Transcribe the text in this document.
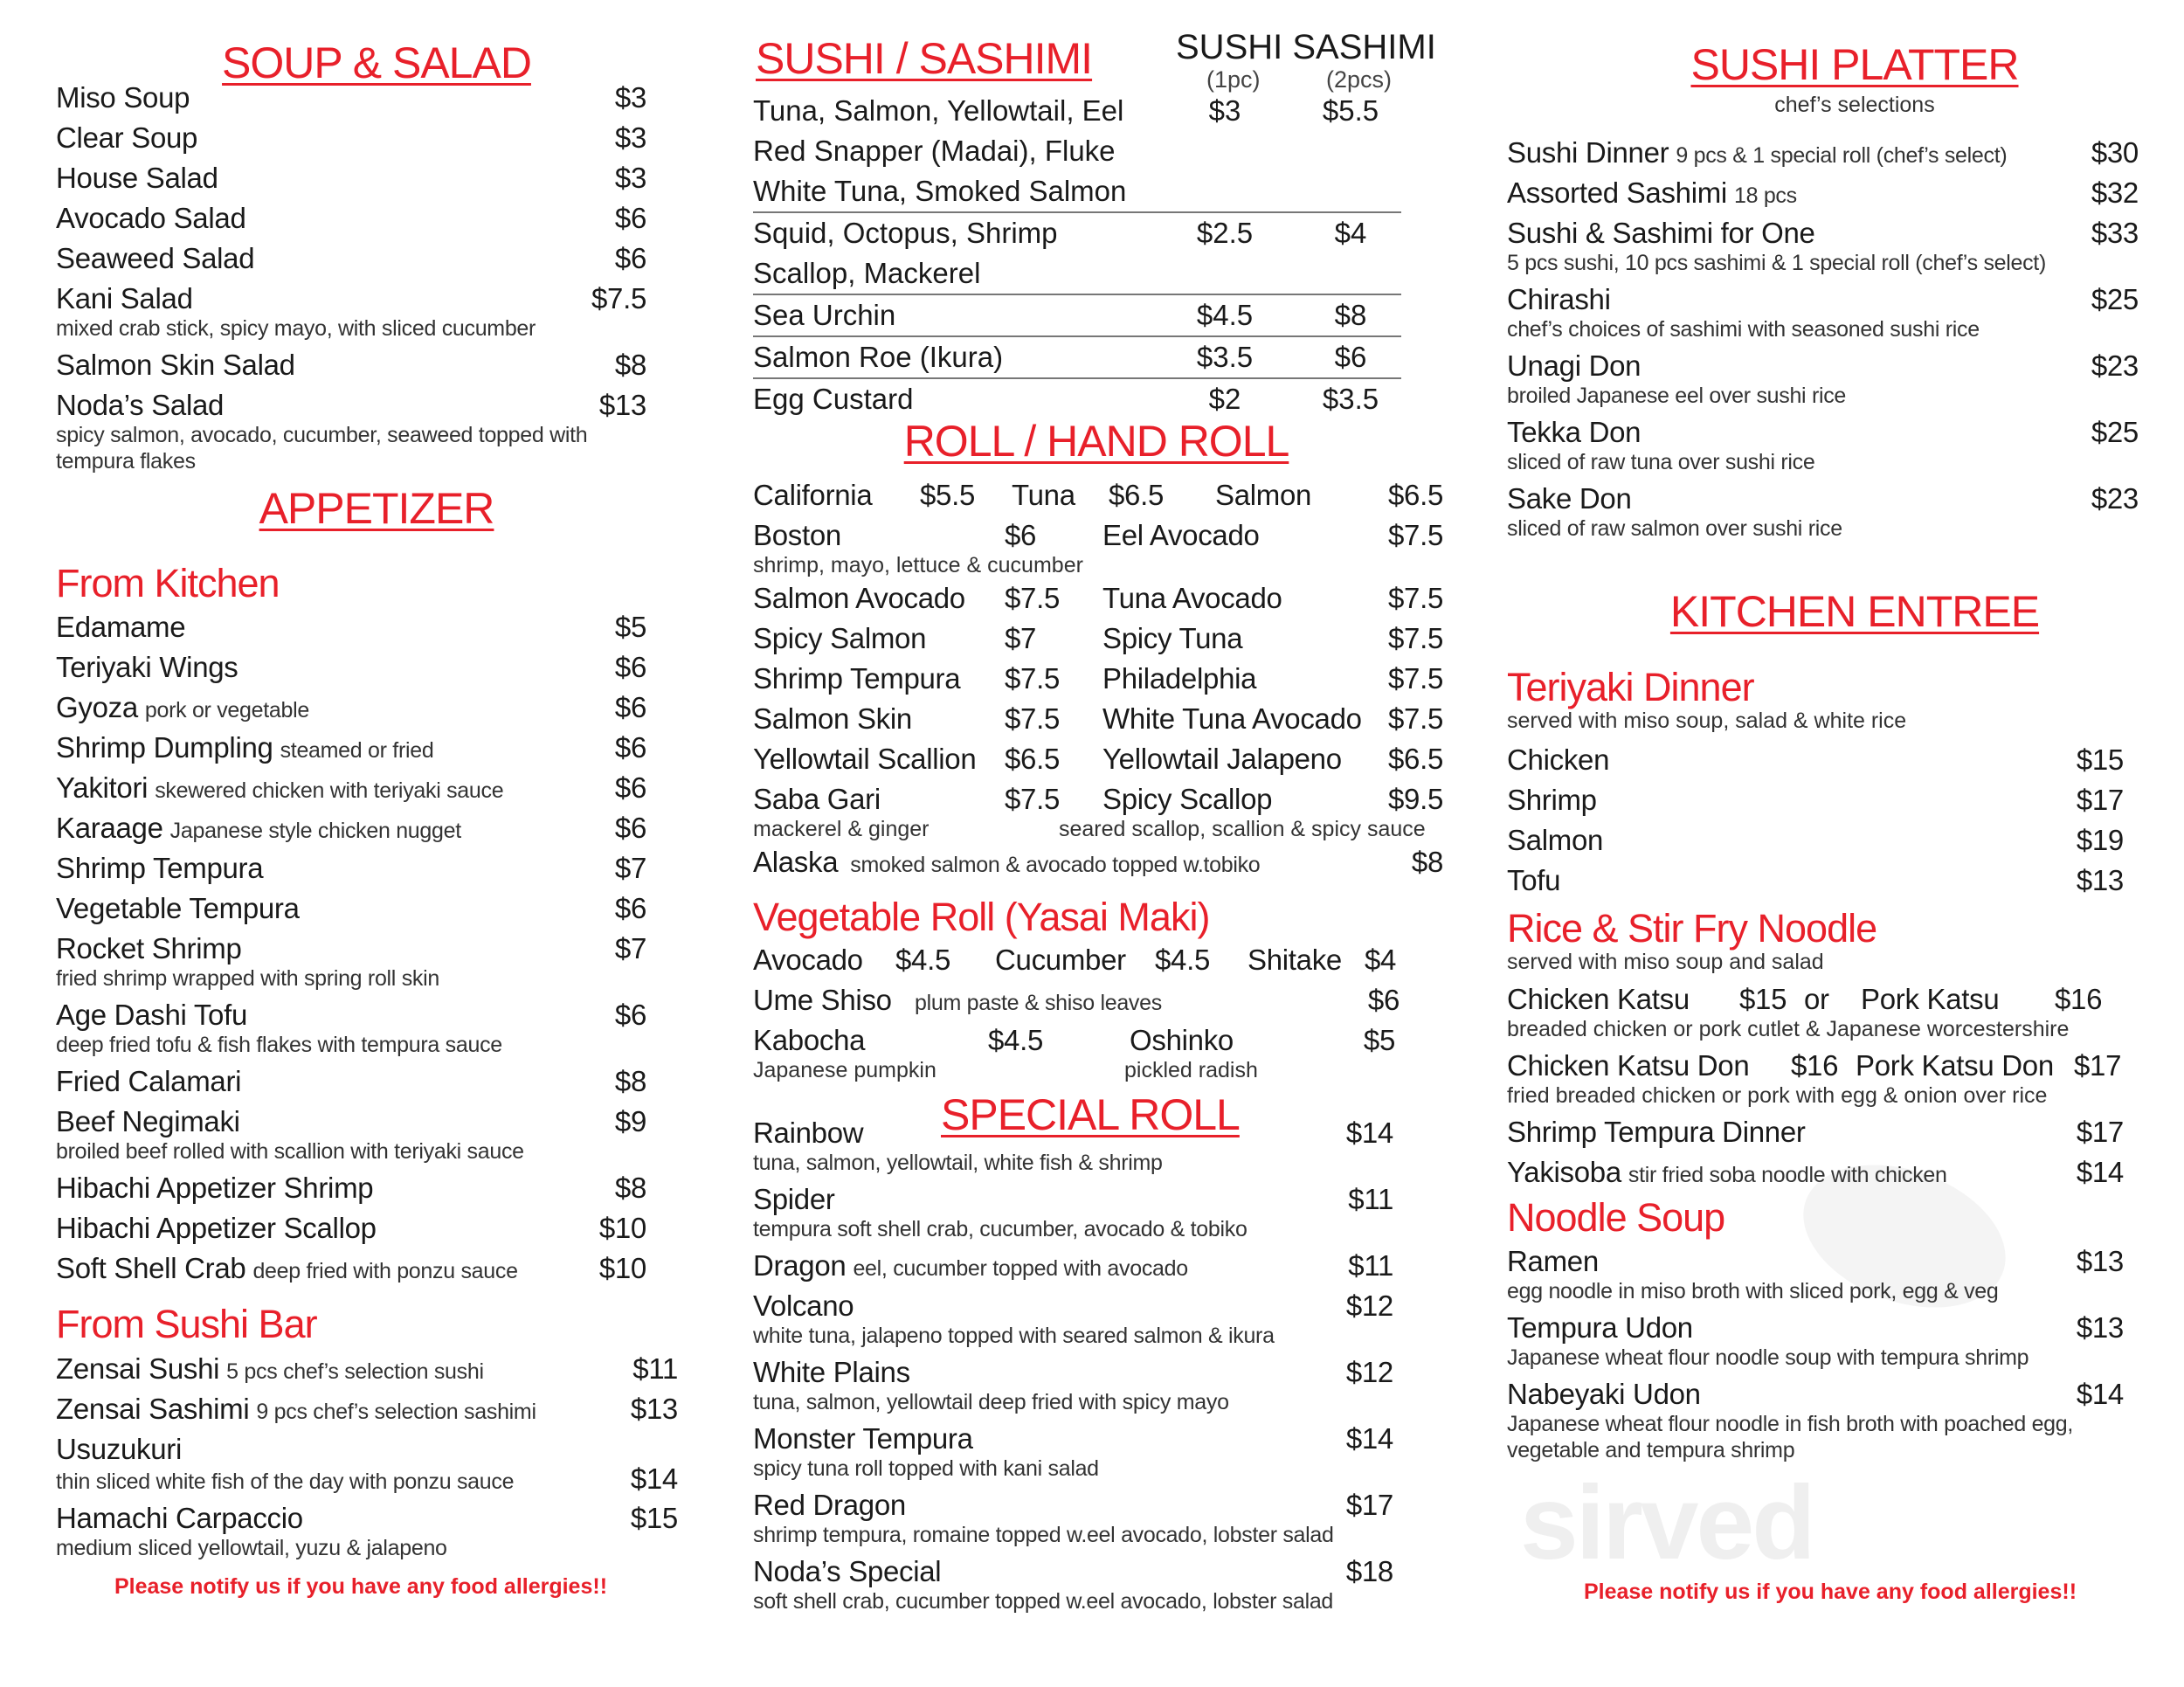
sirved
SOUP & SALAD
Miso Soup	$3
Clear Soup	$3
House Salad	$3
Avocado Salad	$6
Seaweed Salad	$6
Kani Salad	$7.5
mixed crab stick, spicy mayo, with sliced cucumber
Salmon Skin Salad	$8
Noda’s Salad	$13
spicy salmon, avocado, cucumber, seaweed topped with tempura flakes
APPETIZER
From Kitchen
Edamame	$5
Teriyaki Wings	$6
Gyoza pork or vegetable	$6
Shrimp Dumpling steamed or fried	$6
Yakitori skewered chicken with teriyaki sauce	$6
Karaage Japanese style chicken nugget	$6
Shrimp Tempura	$7
Vegetable Tempura	$6
Rocket Shrimp	$7
fried shrimp wrapped with spring roll skin
Age Dashi Tofu	$6
deep fried tofu & fish flakes with tempura sauce
Fried Calamari	$8
Beef Negimaki	$9
broiled beef rolled with scallion with teriyaki sauce
Hibachi Appetizer Shrimp	$8
Hibachi Appetizer Scallop	$10
Soft Shell Crab deep fried with ponzu sauce	$10
From Sushi Bar
Zensai Sushi 5 pcs chef’s selection sushi	$11
Zensai Sashimi 9 pcs chef’s selection sashimi	$13
Usuzukuri
thin sliced white fish of the day with ponzu sauce	$14
Hamachi Carpaccio	$15
medium sliced yellowtail, yuzu & jalapeno
Please notify us if you have any food allergies!!
SUSHI / SASHIMI SUSHI SASHIMI
(1pc)	(2pcs)
Tuna, Salmon, Yellowtail, Eel	$3	$5.5
Red Snapper (Madai), Fluke
White Tuna, Smoked Salmon
Squid, Octopus, Shrimp	$2.5	$4
Scallop, Mackerel
Sea Urchin	$4.5	$8
Salmon Roe (Ikura)	$3.5	$6
Egg Custard	$2	$3.5
ROLL / HAND ROLL
California	$5.5	Tuna	$6.5	Salmon	$6.5
Boston	$6	Eel Avocado	$7.5
shrimp, mayo, lettuce & cucumber
Salmon Avocado	$7.5	Tuna Avocado	$7.5
Spicy Salmon	$7	Spicy Tuna	$7.5
Shrimp Tempura	$7.5	Philadelphia	$7.5
Salmon Skin	$7.5	White Tuna Avocado $7.5
Yellowtail Scallion $6.5	Yellowtail Jalapeno	$6.5
Saba Gari	$7.5	Spicy Scallop	$9.5
mackerel & ginger	seared scallop, scallion & spicy sauce
Alaska smoked salmon & avocado topped w.tobiko	$8
Vegetable Roll (Yasai Maki)
Avocado	$4.5	Cucumber	$4.5	Shitake $4
Ume Shiso	plum paste & shiso leaves	$6
Kabocha	$4.5	Oshinko	$5
Japanese pumpkin	pickled radish
SPECIAL ROLL
Rainbow	$14
tuna, salmon, yellowtail, white fish & shrimp
Spider	$11
tempura soft shell crab, cucumber, avocado & tobiko
Dragon eel, cucumber topped with avocado	$11
Volcano	$12
white tuna, jalapeno topped with seared salmon & ikura
White Plains	$12
tuna, salmon, yellowtail deep fried with spicy mayo
Monster Tempura	$14
spicy tuna roll topped with kani salad
Red Dragon	$17
shrimp tempura, romaine topped w.eel avocado, lobster salad
Noda’s Special	$18
soft shell crab, cucumber topped w.eel avocado, lobster salad
SUSHI PLATTER
chef’s selections
Sushi Dinner 9 pcs & 1 special roll (chef’s select)	$30
Assorted Sashimi 18 pcs	$32
Sushi & Sashimi for One	$33
5 pcs sushi, 10 pcs sashimi & 1 special roll (chef’s select)
Chirashi	$25
chef’s choices of sashimi with seasoned sushi rice
Unagi Don	$23
broiled Japanese eel over sushi rice
Tekka Don	$25
sliced of raw tuna over sushi rice
Sake Don	$23
sliced of raw salmon over sushi rice
KITCHEN ENTREE
Teriyaki Dinner
served with miso soup, salad & white rice
Chicken	$15
Shrimp	$17
Salmon	$19
Tofu	$13
Rice & Stir Fry Noodle
served with miso soup and salad
Chicken Katsu	$15 or	Pork Katsu	$16
breaded chicken or pork cutlet & Japanese worcestershire
Chicken Katsu Don	$16 Pork Katsu Don $17
fried breaded chicken or pork with egg & onion over rice
Shrimp Tempura Dinner	$17
Yakisoba stir fried soba noodle with chicken	$14
Noodle Soup
Ramen	$13
egg noodle in miso broth with sliced pork, egg & veg
Tempura Udon	$13
Japanese wheat flour noodle soup with tempura shrimp
Nabeyaki Udon	$14
Japanese wheat flour noodle in fish broth with poached egg, vegetable and tempura shrimp
Please notify us if you have any food allergies!!
